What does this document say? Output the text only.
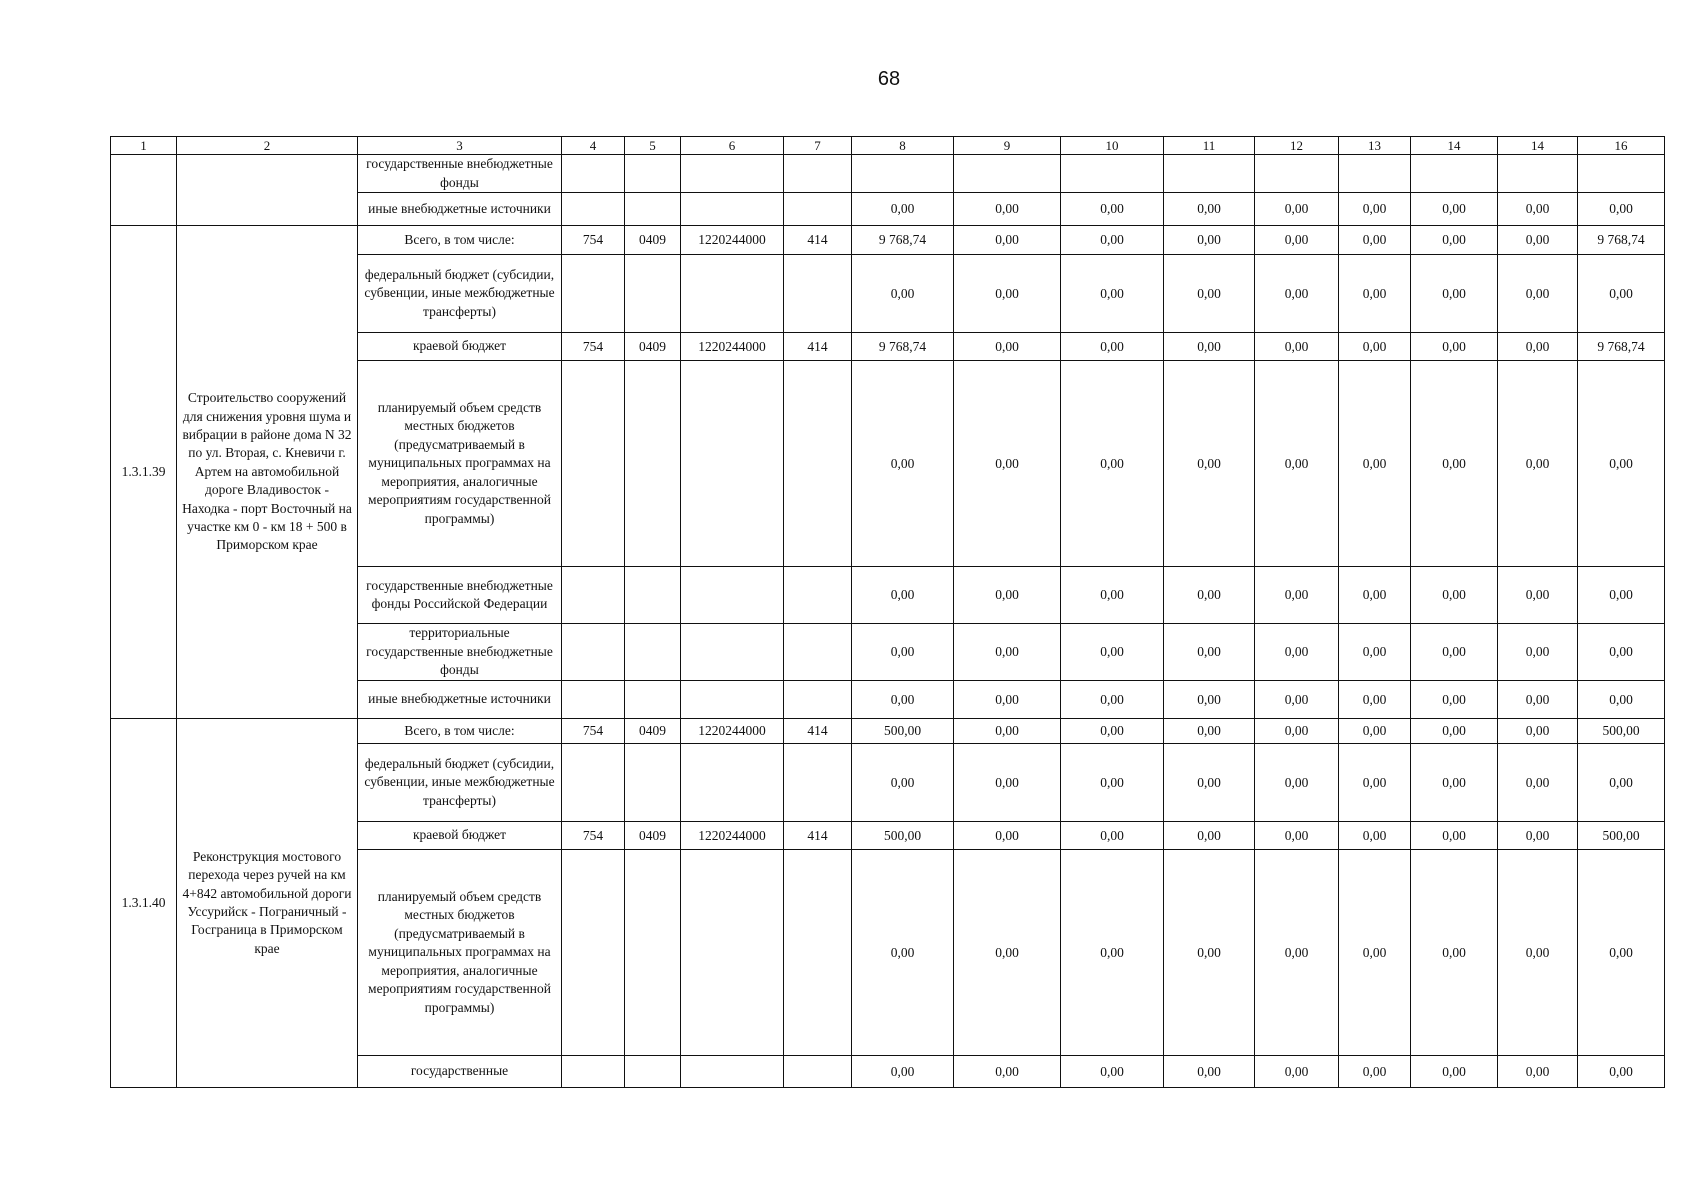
68
1	2	3	4	5	6	7	8	9	10	11	12	13	14	14	16
		государственные внебюджетные фонды													
		иные внебюджетные источники					0,00	0,00	0,00	0,00	0,00	0,00	0,00	0,00	0,00
1.3.1.39	Строительство сооружений для снижения уровня шума и вибрации в районе дома N 32 по ул. Вторая, с. Кневичи г. Артем на автомобильной дороге Владивосток - Находка - порт Восточный на участке км 0 - км 18 + 500 в Приморском крае	Всего, в том числе:	754	0409	1220244000	414	9 768,74	0,00	0,00	0,00	0,00	0,00	0,00	0,00	9 768,74
		федеральный бюджет (субсидии, субвенции, иные межбюджетные трансферты)					0,00	0,00	0,00	0,00	0,00	0,00	0,00	0,00	0,00
		краевой бюджет	754	0409	1220244000	414	9 768,74	0,00	0,00	0,00	0,00	0,00	0,00	0,00	9 768,74
		планируемый объем средств местных бюджетов (предусматриваемый в муниципальных программах на мероприятия, аналогичные мероприятиям государственной программы)					0,00	0,00	0,00	0,00	0,00	0,00	0,00	0,00	0,00
		государственные внебюджетные фонды Российской Федерации					0,00	0,00	0,00	0,00	0,00	0,00	0,00	0,00	0,00
		территориальные государственные внебюджетные фонды					0,00	0,00	0,00	0,00	0,00	0,00	0,00	0,00	0,00
		иные внебюджетные источники					0,00	0,00	0,00	0,00	0,00	0,00	0,00	0,00	0,00
1.3.1.40	Реконструкция мостового перехода через ручей на км 4+842 автомобильной дороги Уссурийск - Пограничный - Госграница в Приморском крае	Всего, в том числе:	754	0409	1220244000	414	500,00	0,00	0,00	0,00	0,00	0,00	0,00	0,00	500,00
		федеральный бюджет (субсидии, субвенции, иные межбюджетные трансферты)					0,00	0,00	0,00	0,00	0,00	0,00	0,00	0,00	0,00
		краевой бюджет	754	0409	1220244000	414	500,00	0,00	0,00	0,00	0,00	0,00	0,00	0,00	500,00
		планируемый объем средств местных бюджетов (предусматриваемый в муниципальных программах на мероприятия, аналогичные мероприятиям государственной программы)					0,00	0,00	0,00	0,00	0,00	0,00	0,00	0,00	0,00
		государственные					0,00	0,00	0,00	0,00	0,00	0,00	0,00	0,00	0,00
